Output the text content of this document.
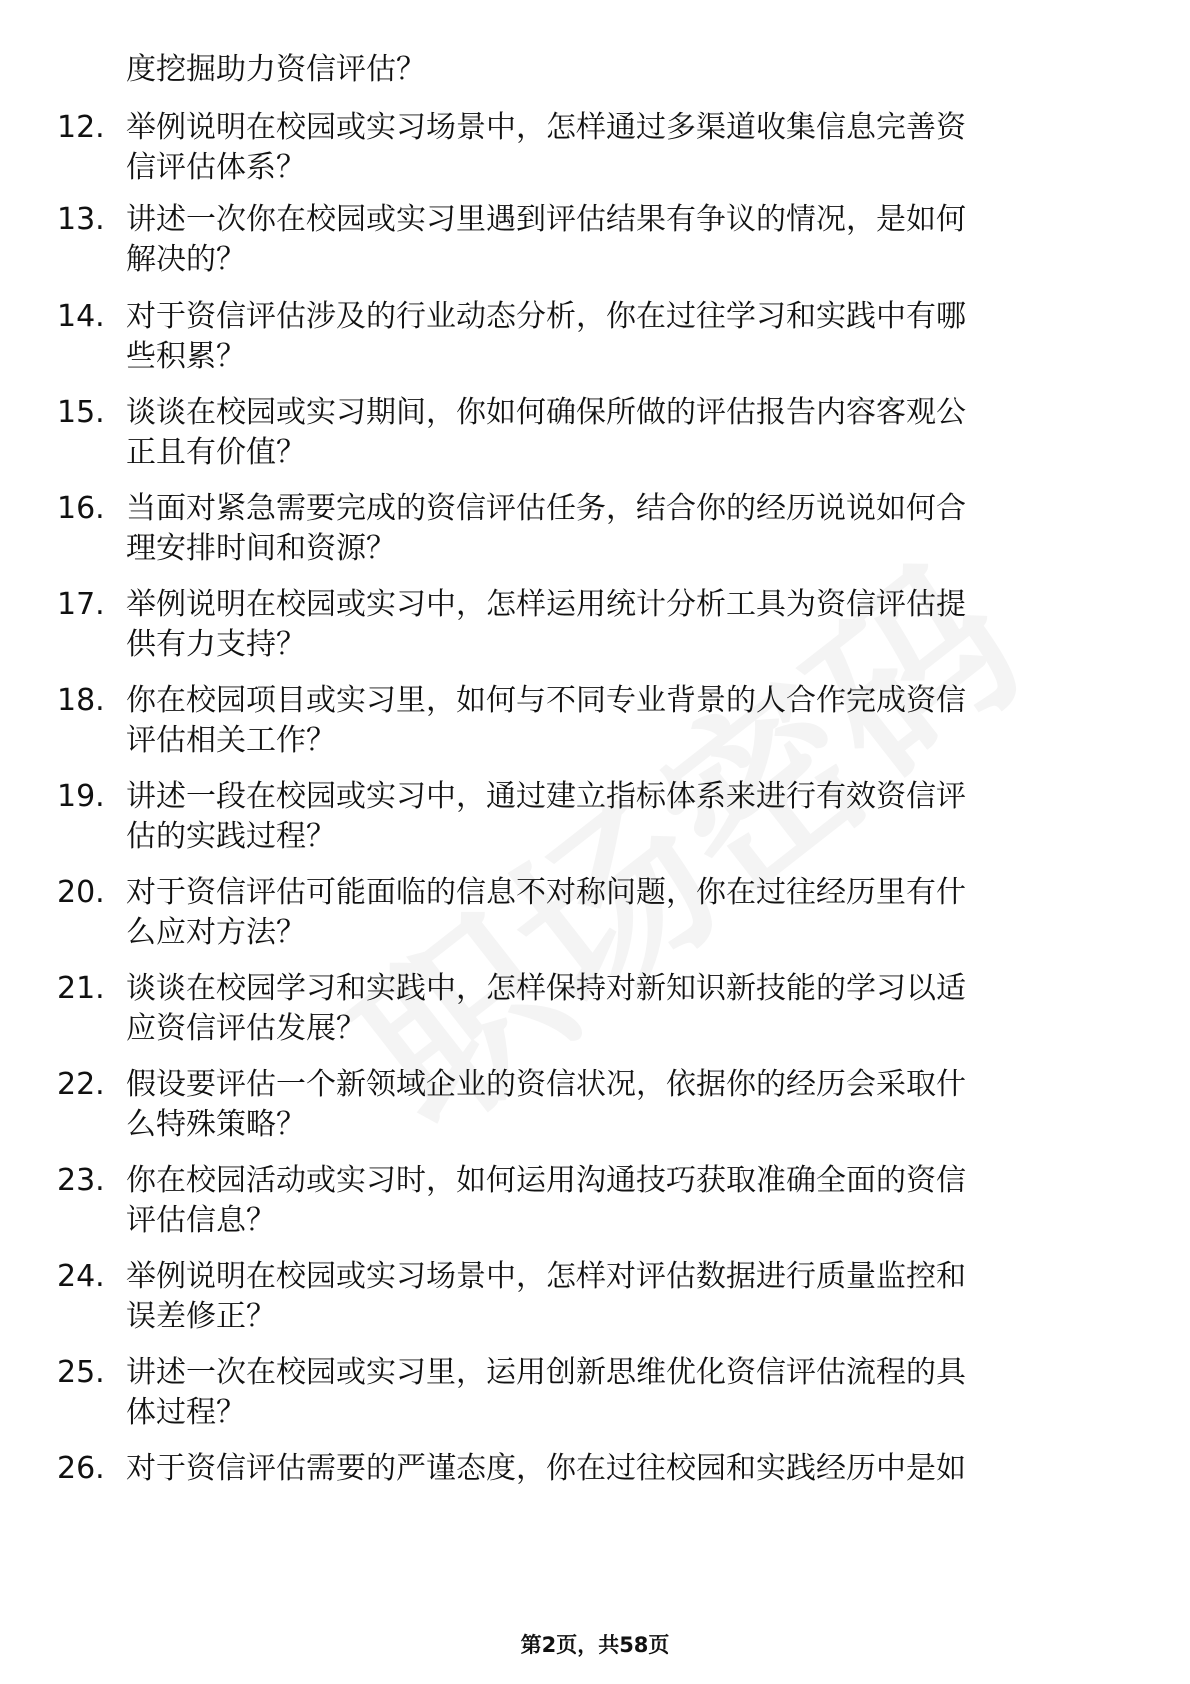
度挖掘助力资信评估？
12. 举例说明在校园或实习场景中，怎样通过多渠道收集信息完善资
信评估体系？
13. 讲述一次你在校园或实习里遇到评估结果有争议的情况，是如何
解决的？
14. 对于资信评估涉及的行业动态分析，你在过往学习和实践中有哪
些积累？
15. 谈谈在校园或实习期间，你如何确保所做的评估报告内容客观公
正且有价值？
16. 当面对紧急需要完成的资信评估任务，结合你的经历说说如何合
理安排时间和资源？
17. 举例说明在校园或实习中，怎样运用统计分析工具为资信评估提
供有力支持？
18. 你在校园项目或实习里，如何与不同专业背景的人合作完成资信
评估相关工作？
19. 讲述一段在校园或实习中，通过建立指标体系来进行有效资信评
估的实践过程？
20. 对于资信评估可能面临的信息不对称问题，你在过往经历里有什
么应对方法？
21. 谈谈在校园学习和实践中，怎样保持对新知识新技能的学习以适
应资信评估发展？
22. 假设要评估一个新领域企业的资信状况，依据你的经历会采取什
么特殊策略？
23. 你在校园活动或实习时，如何运用沟通技巧获取准确全面的资信
评估信息？
24. 举例说明在校园或实习场景中，怎样对评估数据进行质量监控和
误差修正？
25. 讲述一次在校园或实习里，运用创新思维优化资信评估流程的具
体过程？
26. 对于资信评估需要的严谨态度，你在过往校园和实践经历中是如
第2页，共58页
